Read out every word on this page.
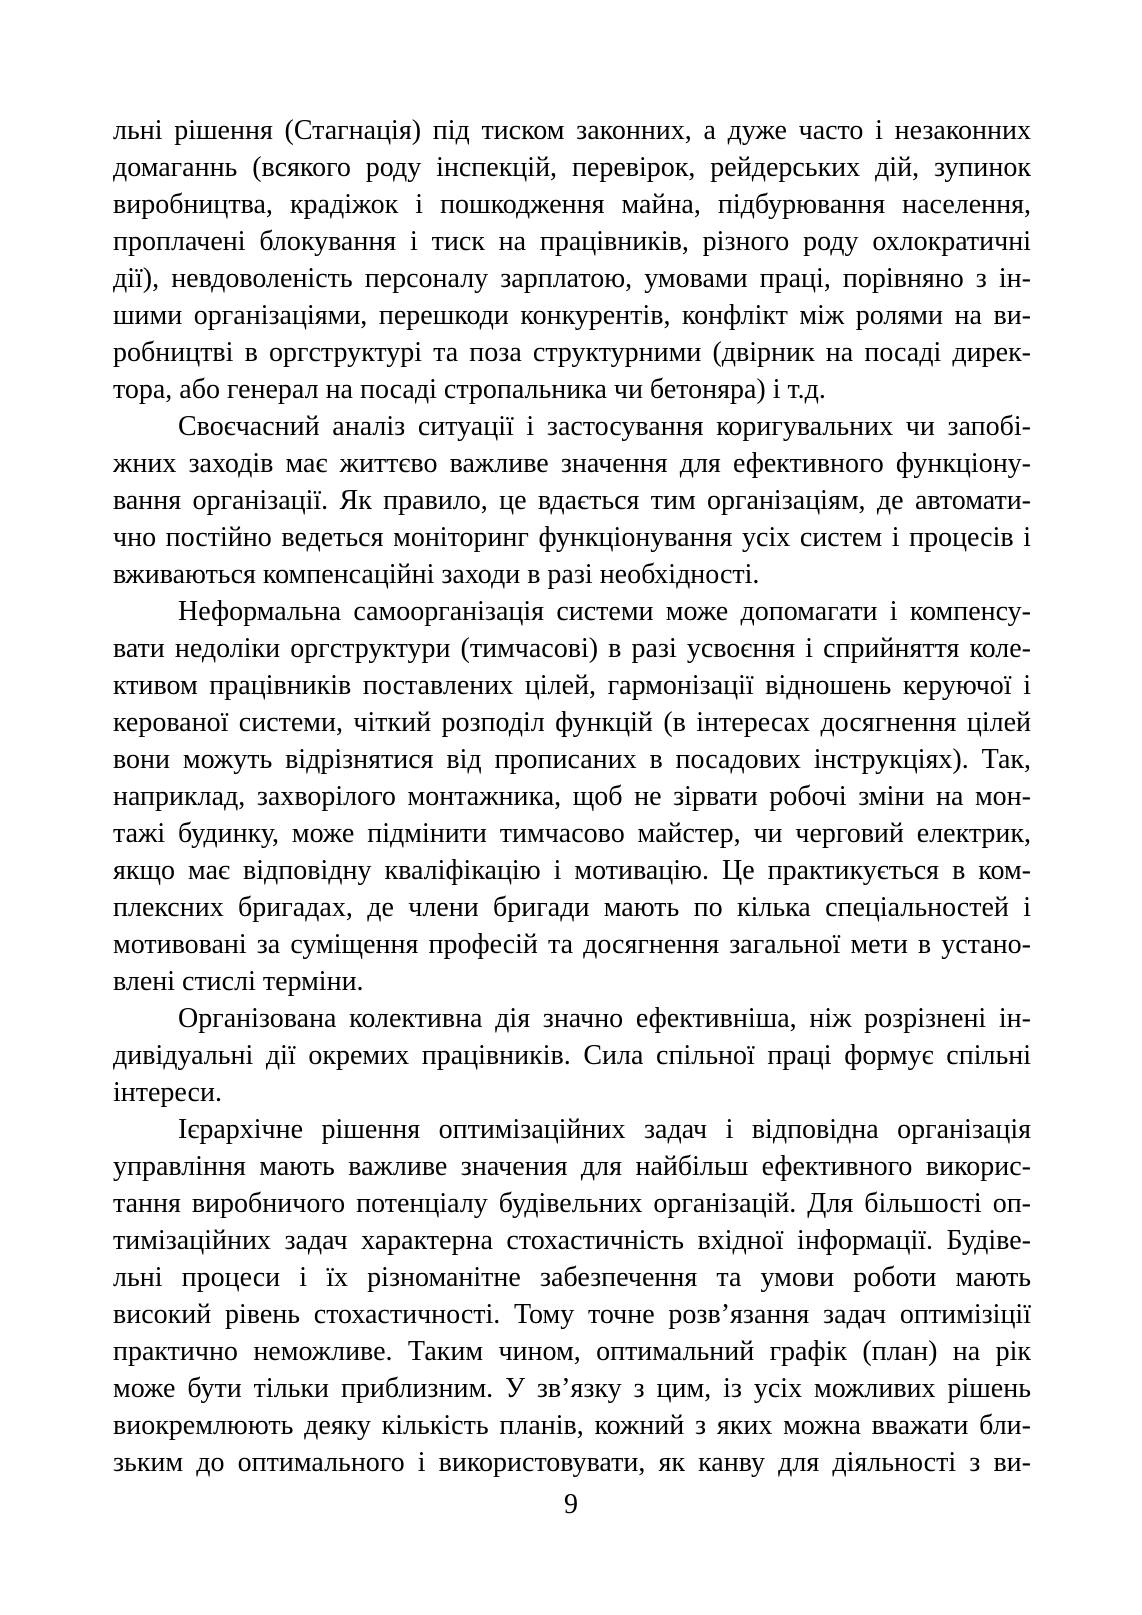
льні рішення (Стагнація) під тиском законних, а дуже часто і незаконних
домаганнь (всякого роду інспекцій, перевірок, рейдерських дій, зупинок
виробництва, крадіжок і пошкодження майна, підбурювання населення,
проплачені блокування і тиск на працівників, різного роду охлократичні
дії), невдоволеність персоналу зарплатою, умовами праці, порівняно з ін-
шими організаціями, перешкоди конкурентів, конфлікт між ролями на ви-
робництві в оргструктурі та поза структурними (двірник на посаді дирек-
тора, або генерал на посаді стропальника чи бетоняра) і т.д.
Своєчасний аналіз ситуації і застосування коригувальних чи запобі-
жних заходів має життєво важливе значення для ефективного функціону-
вання організації. Як правило, це вдається тим організаціям, де автомати-
чно постійно ведеться моніторинг функціонування усіх систем і процесів і
вживаються компенсаційні заходи в разі необхідності.
Неформальна самоорганізація системи може допомагати і компенсу-
вати недоліки оргструктури (тимчасові) в разі усвоєння і сприйняття коле-
ктивом працівників поставлених цілей, гармонізації відношень керуючої і
керованої системи, чіткий розподіл функцій (в інтересах досягнення цілей
вони можуть відрізнятися від прописаних в посадових інструкціях). Так,
наприклад, захворілого монтажника, щоб не зірвати робочі зміни на мон-
тажі будинку, може підмінити тимчасово майстер, чи черговий електрик,
якщо має відповідну кваліфікацію і мотивацію. Це практикується в ком-
плексних бригадах, де члени бригади мають по кілька спеціальностей і
мотивовані за суміщення професій та досягнення загальної мети в устано-
влені стислі терміни.
Організована колективна дія значно ефективніша, ніж розрізнені ін-
дивідуальні дії окремих працівників. Сила спільної праці формує спільні
інтереси.
Ієрархічне рішення оптимізаційних задач і відповідна організація
управління мають важливе значения для найбільш ефективного викорис-
тання виробничого потенціалу будівельних організацій. Для більшості оп-
тимізаційних задач характерна стохастичність вхідної інформації. Будіве-
льні процеси і їх різноманітне забезпечення та умови роботи мають
високий рівень стохастичності. Тому точне розв’язання задач оптимізіції
практично неможливе. Таким чином, оптимальний графік (план) на рік
може бути тільки приблизним. У зв’язку з цим, із усіх можливих рішень
виокремлюють деяку кількість планів, кожний з яких можна вважати бли-
зьким до оптимального і використовувати, як канву для діяльності з ви-
9
